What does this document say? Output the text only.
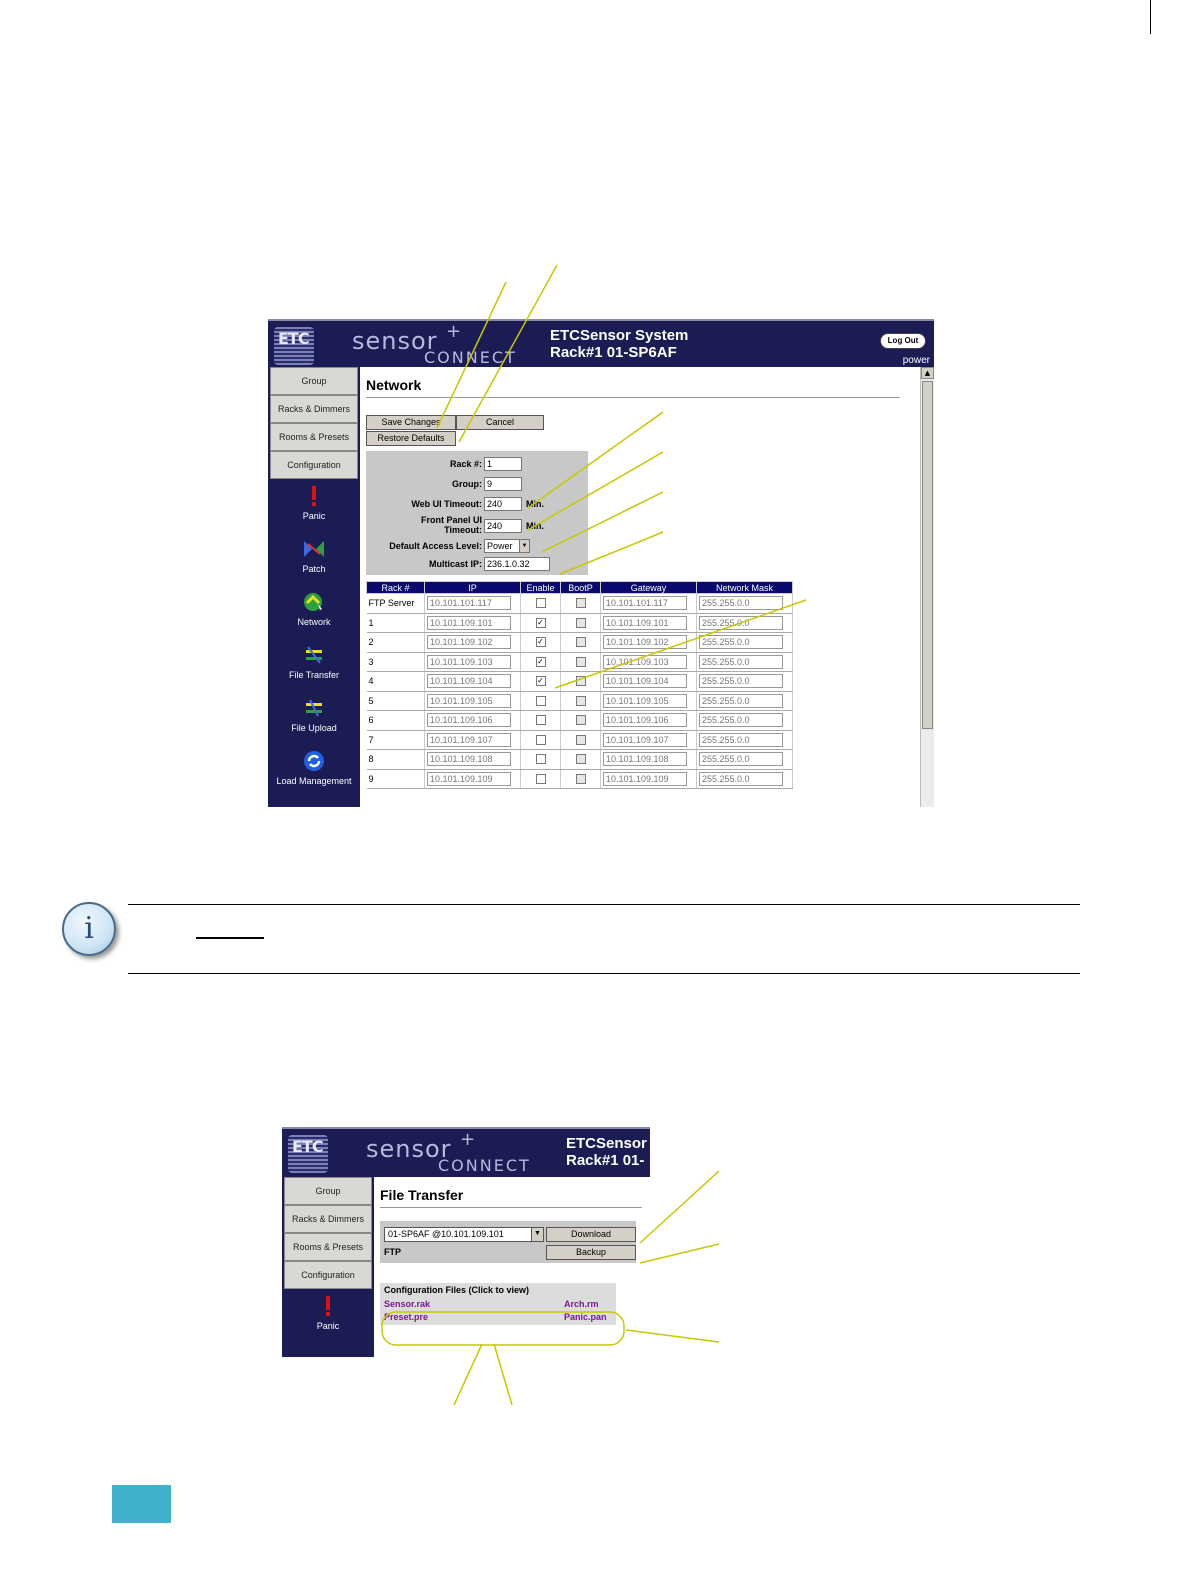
ETC sensor +
CONNECT
ETCSensor System
Rack#1 01-SP6AF
Log Out
power
Group
Racks & Dimmers
Rooms & Presets
Configuration
Panic
Patch
Network
File Transfer
File Upload
Load Management
Network
Save Changes	Cancel
Restore Defaults
Rack #: 1
Group: 9
Web UI Timeout: 240	Min.
Front Panel UI
Timeout: 240	Min.
Default Access Level: Power	▼
Multicast IP: 236.1.0.32
Rack #	IP	Enable	BootP	Gateway	Network Mask
FTP Server	10.101.101.117			10.101.101.117	255.255.0.0
1	10.101.109.101	✓		10.101.109.101	255.255.0.0
2	10.101.109.102	✓		10.101.109.102	255.255.0.0
3	10.101.109.103	✓		10.101.109.103	255.255.0.0
4	10.101.109.104	✓		10.101.109.104	255.255.0.0
5	10.101.109.105			10.101.109.105	255.255.0.0
6	10.101.109.106			10.101.109.106	255.255.0.0
7	10.101.109.107			10.101.109.107	255.255.0.0
8	10.101.109.108			10.101.109.108	255.255.0.0
9	10.101.109.109			10.101.109.109	255.255.0.0
▲
i
ETC sensor +
CONNECT
ETCSensor
Rack#1 01-
Group
Racks & Dimmers
Rooms & Presets
Configuration
Panic
File Transfer
01-SP6AF @10.101.109.101	▼	Download
FTP	Backup
Configuration Files (Click to view)
Sensor.rak	Arch.rm
Preset.pre	Panic.pan
